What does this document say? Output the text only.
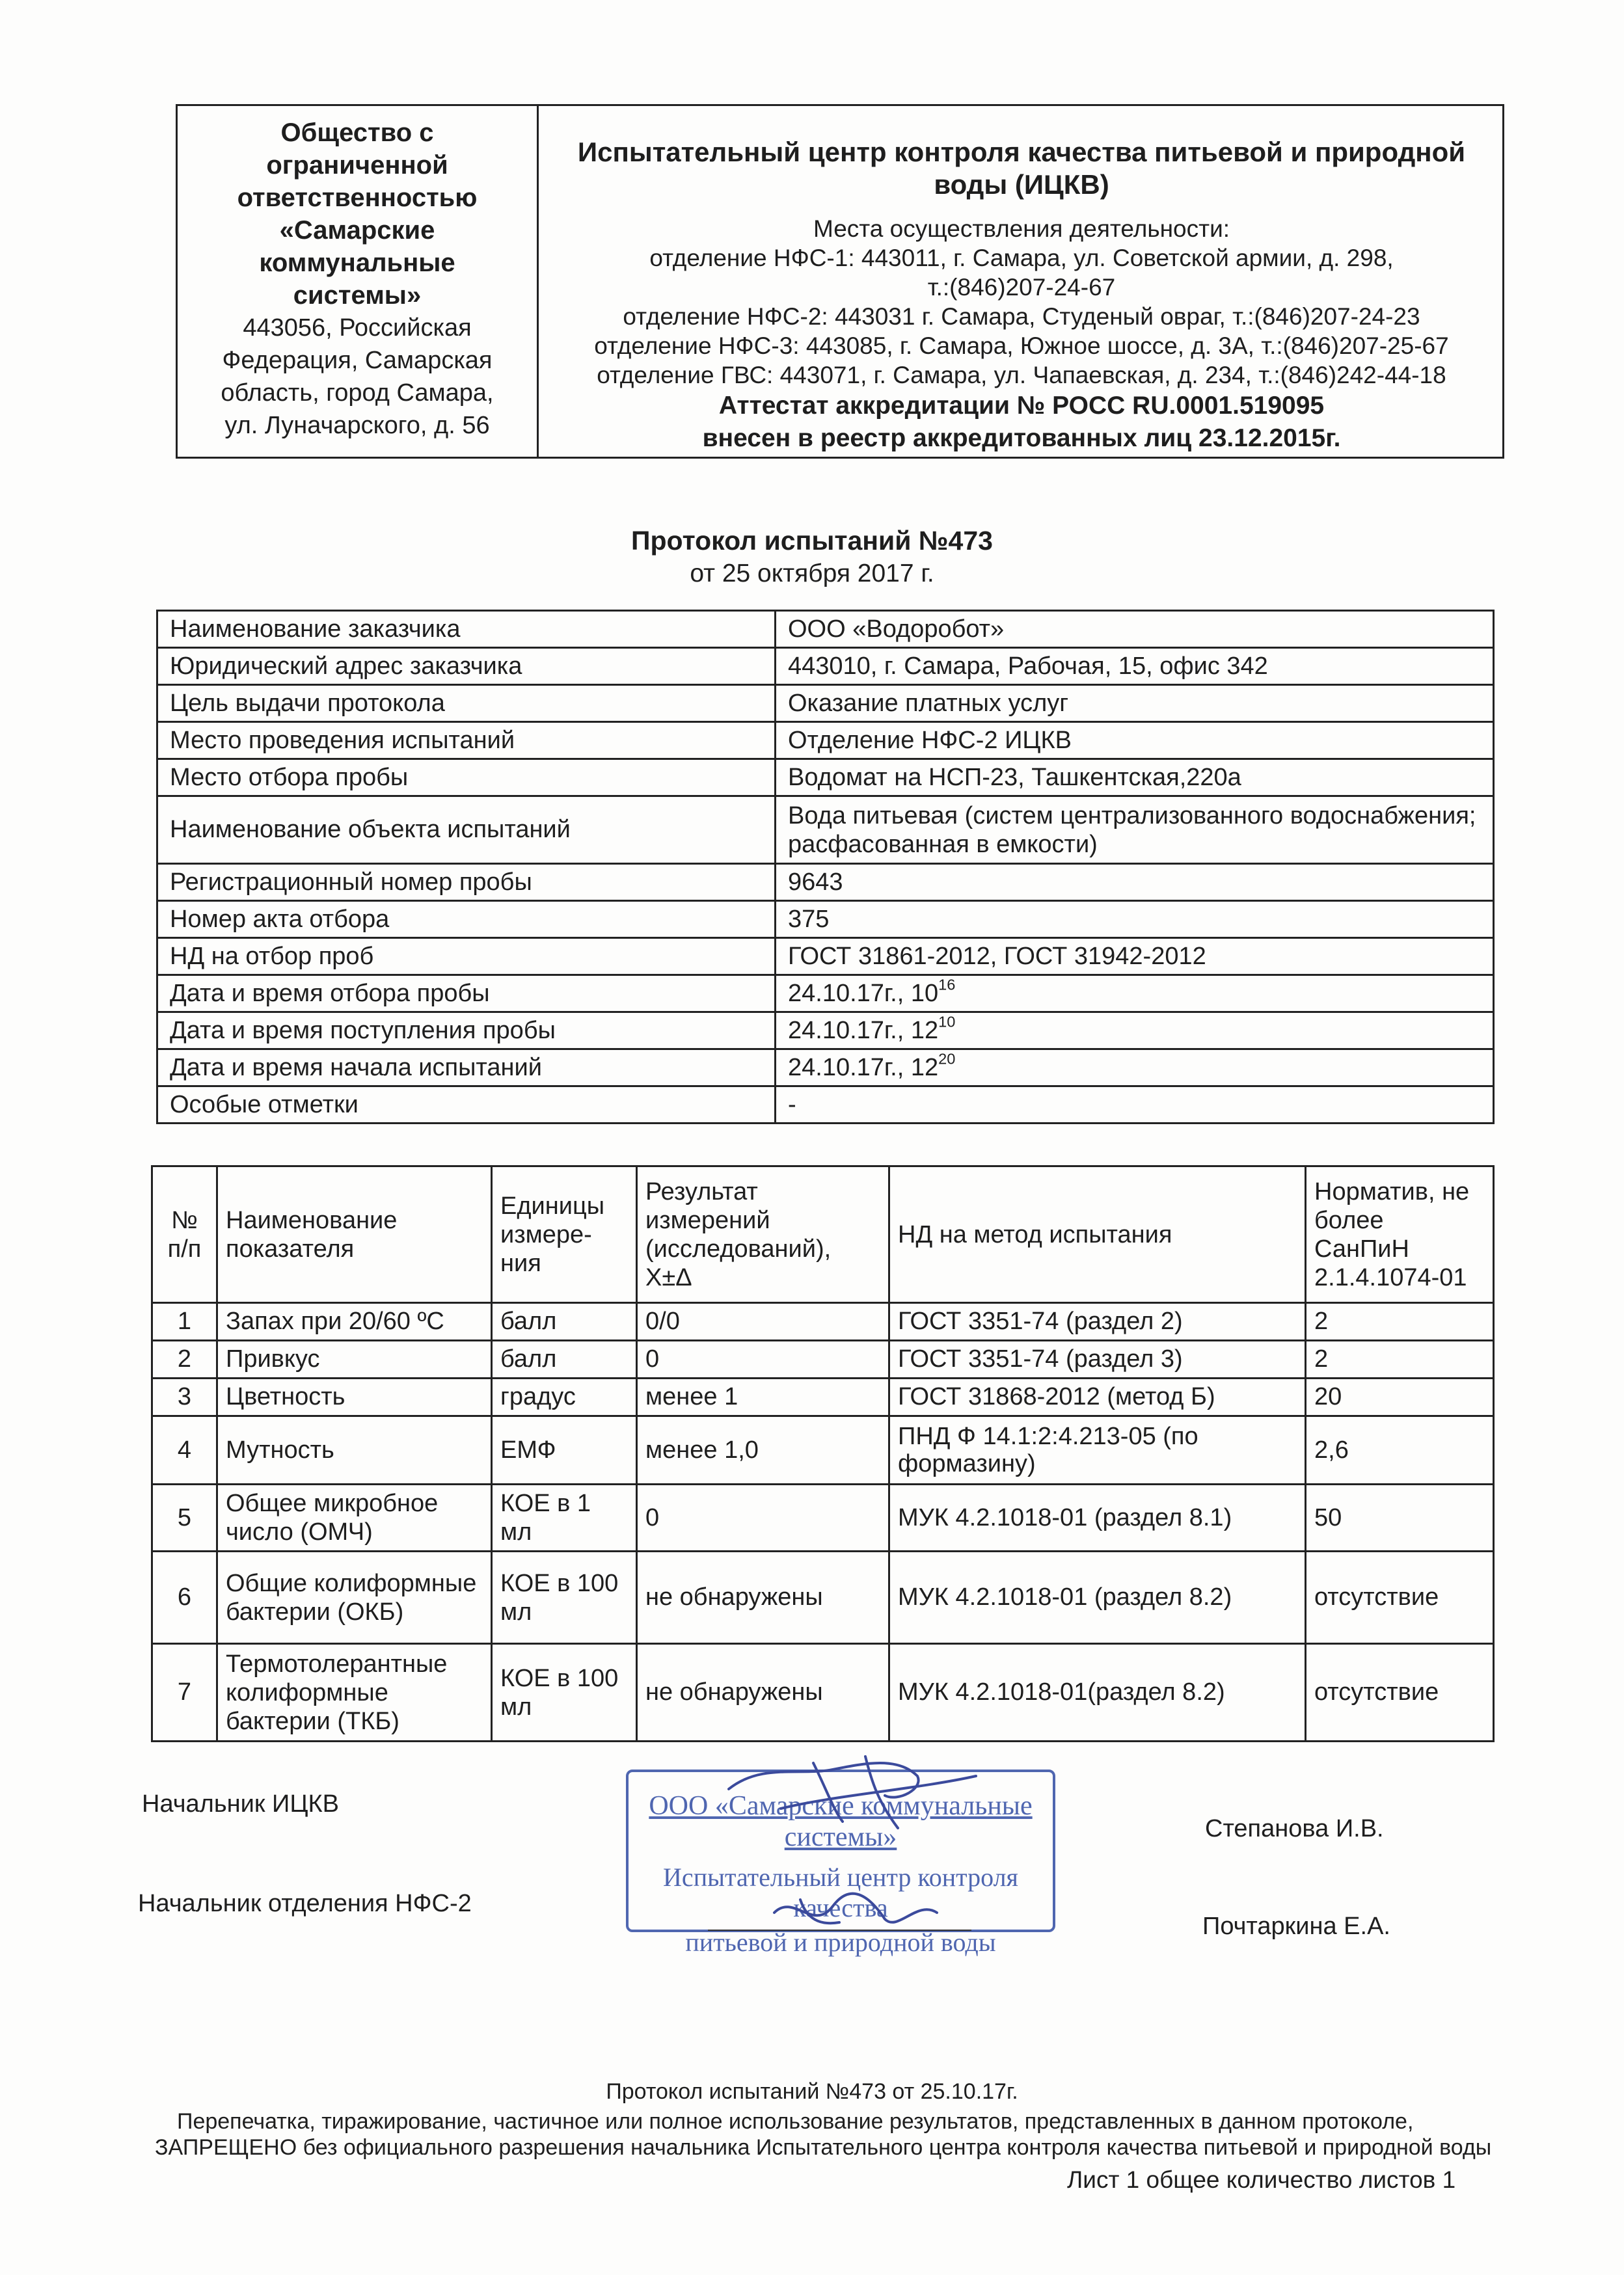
Общество с
ограниченной
ответственностью
«Самарские
коммунальные
системы»
443056, Российская
Федерация, Самарская
область, город Самара,
ул. Луначарского, д. 56
Испытательный центр контроля качества питьевой и природной
воды (ИЦКВ)
Места осуществления деятельности:
отделение НФС-1: 443011, г. Самара, ул. Советской армии, д. 298,
т.:(846)207-24-67
отделение НФС-2: 443031 г. Самара, Студеный овраг, т.:(846)207-24-23
отделение НФС-3: 443085, г. Самара, Южное шоссе, д. 3А, т.:(846)207-25-67
отделение ГВС: 443071, г. Самара, ул. Чапаевская, д. 234, т.:(846)242-44-18
Аттестат аккредитации № РОСС RU.0001.519095
внесен в реестр аккредитованных лиц 23.12.2015г.
Протокол испытаний №473
от 25 октября 2017 г.
Наименование заказчика	ООО «Водоробот»
Юридический адрес заказчика	443010, г. Самара, Рабочая, 15, офис 342
Цель выдачи протокола	Оказание платных услуг
Место проведения испытаний	Отделение НФС-2 ИЦКВ
Место отбора пробы	Водомат на НСП-23, Ташкентская,220а
Наименование объекта испытаний	Вода питьевая (систем централизованного водоснабжения; расфасованная в емкости)
Регистрационный номер пробы	9643
Номер акта отбора	375
НД на отбор проб	ГОСТ 31861-2012, ГОСТ 31942-2012
Дата и время отбора пробы	24.10.17г., $10^{16}$
Дата и время поступления пробы	24.10.17г., $12^{10}$
Дата и время начала испытаний	24.10.17г., $12^{20}$
Особые отметки	-
№ п/п	Наименование показателя	Единицы измере-ния	Результат измерений (исследований), X±Δ	НД на метод испытания	Норматив, не более СанПиН 2.1.4.1074-01
1	Запах при 20/60 ºС	балл	0/0	ГОСТ 3351-74 (раздел 2)	2
2	Привкус	балл	0	ГОСТ 3351-74 (раздел 3)	2
3	Цветность	градус	менее 1	ГОСТ 31868-2012 (метод Б)	20
4	Мутность	ЕМФ	менее 1,0	ПНД Ф 14.1:2:4.213-05 (по формазину)	2,6
5	Общее микробное число (ОМЧ)	КОЕ в 1 мл	0	МУК 4.2.1018-01 (раздел 8.1)	50
6	Общие колиформные бактерии (ОКБ)	КОЕ в 100 мл	не обнаружены	МУК 4.2.1018-01 (раздел 8.2)	отсутствие
7	Термотолерантные колиформные бактерии (ТКБ)	КОЕ в 100 мл	не обнаружены	МУК 4.2.1018-01(раздел 8.2)	отсутствие
Начальник ИЦКВ
Степанова И.В.
Начальник отделения НФС-2
Почтаркина Е.А.
ООО «Самарские коммунальные системы»
Испытательный центр контроля качества
питьевой и природной воды
Протокол испытаний №473 от 25.10.17г.
Перепечатка, тиражирование, частичное или полное использование результатов, представленных в данном протоколе,
ЗАПРЕЩЕНО без официального разрешения начальника Испытательного центра контроля качества питьевой и природной воды
Лист 1 общее количество листов 1
